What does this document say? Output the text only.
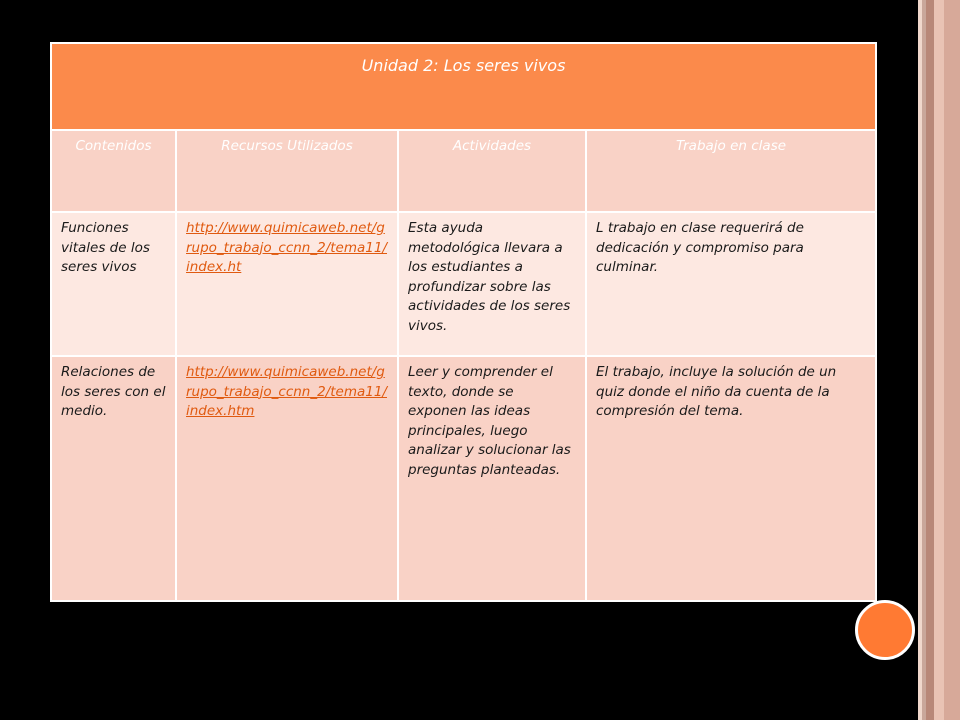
Unidad 2: Los seres vivos			
Contenidos	Recursos Utilizados	Actividades	Trabajo en clase
Funciones vitales de los seres vivos	http://www.quimicaweb.net/grupo_trabajo_ccnn_2/tema11/index.ht	Esta ayuda metodológica llevara a los estudiantes a profundizar sobre las actividades de los seres vivos.	L trabajo en clase requerirá de dedicación y compromiso para culminar.
Relaciones de los seres con el medio.	http://www.quimicaweb.net/grupo_trabajo_ccnn_2/tema11/index.htm	Leer y comprender el texto, donde se exponen las ideas principales, luego analizar y solucionar las preguntas planteadas.	El trabajo, incluye la solución de un quiz donde el niño da cuenta de la compresión del tema.
